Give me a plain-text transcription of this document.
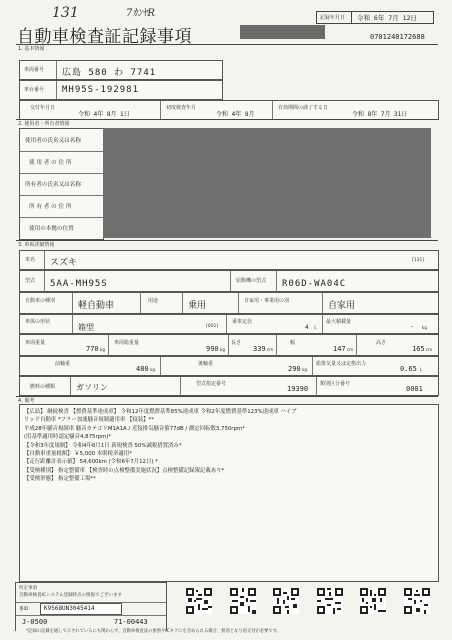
131	7ｶﾝﾔR	記録年月日 令和 6年 7月 12日
自動車検査証記録事項	0701240172688
1. 基本情報
車両番号 広島 580 わ 7741
車台番号 MH95S-192981
交付年月日
令和 4年 8月 1日
初度検査年月
令和 4年 8月
有効期間の満了する日
令和 8年 7月 31日
2. 使用者・所有者情報
使用者の氏名又は名称
使 用 者 の 住 所
所有者の氏名又は名称
所 有 者 の 住 所
使用の本拠の位置
3. 車両詳細情報
車名 スズキ	[131]
型式 5AA-MH95S	原動機の型式 R06D-WA04C
自動車の種別	軽自動車	用途	乗用	自家用・事業用の別	自家用
車体の形状
箱型	[001]
乗車定員
4 人
最大積載量
- kg
車両重量
770 kg
車両総重量
990 kg
長さ
339 cm
幅
147 cm
高さ
165 cm
前軸重
480 kg
後軸重
290 kg
総排気量又は定格出力
0.65 L
燃料の種類	ガソリン	型式指定番号
19390
類別区分番号
0001
4. 備考
【広島】 継続検査 【燃費基準達成車】 令和12年度燃費基準85%達成車 令和2年度燃費基準123%達成車 ハイブ
リッド自動車 *フラー加速騒音規制適用車 【寝装】**
平成28年騒音規制車 騒音カテゴリM1A1A / 近接排気騒音値77dB / 測定回転数3,750rpm*
(旧基準適用時認定騒音4,875rpm)*
【令和3年度規制】 令和4年8月1日 新規検査 50%減税措置済み*
【自動車重量税額】 ￥5,000 本則税率適用*
【走行距離計表示値】 54,600km (令和6年7月12日) *
【受検種別】 指定整備車 【検査時の点検整備実施状況】点検整備記録簿記載あり*
【受検形態】 指定整備工場**
所定事項
自動車検査ICシステム登録時点の情報でございます
番ID	K9568UN3045414
J-0500	71-00443
*記録の記載を通して示されているにも関わらず、自動車検査証の参照やICタグにを含められる場合、無効となり再交付が必要です。
